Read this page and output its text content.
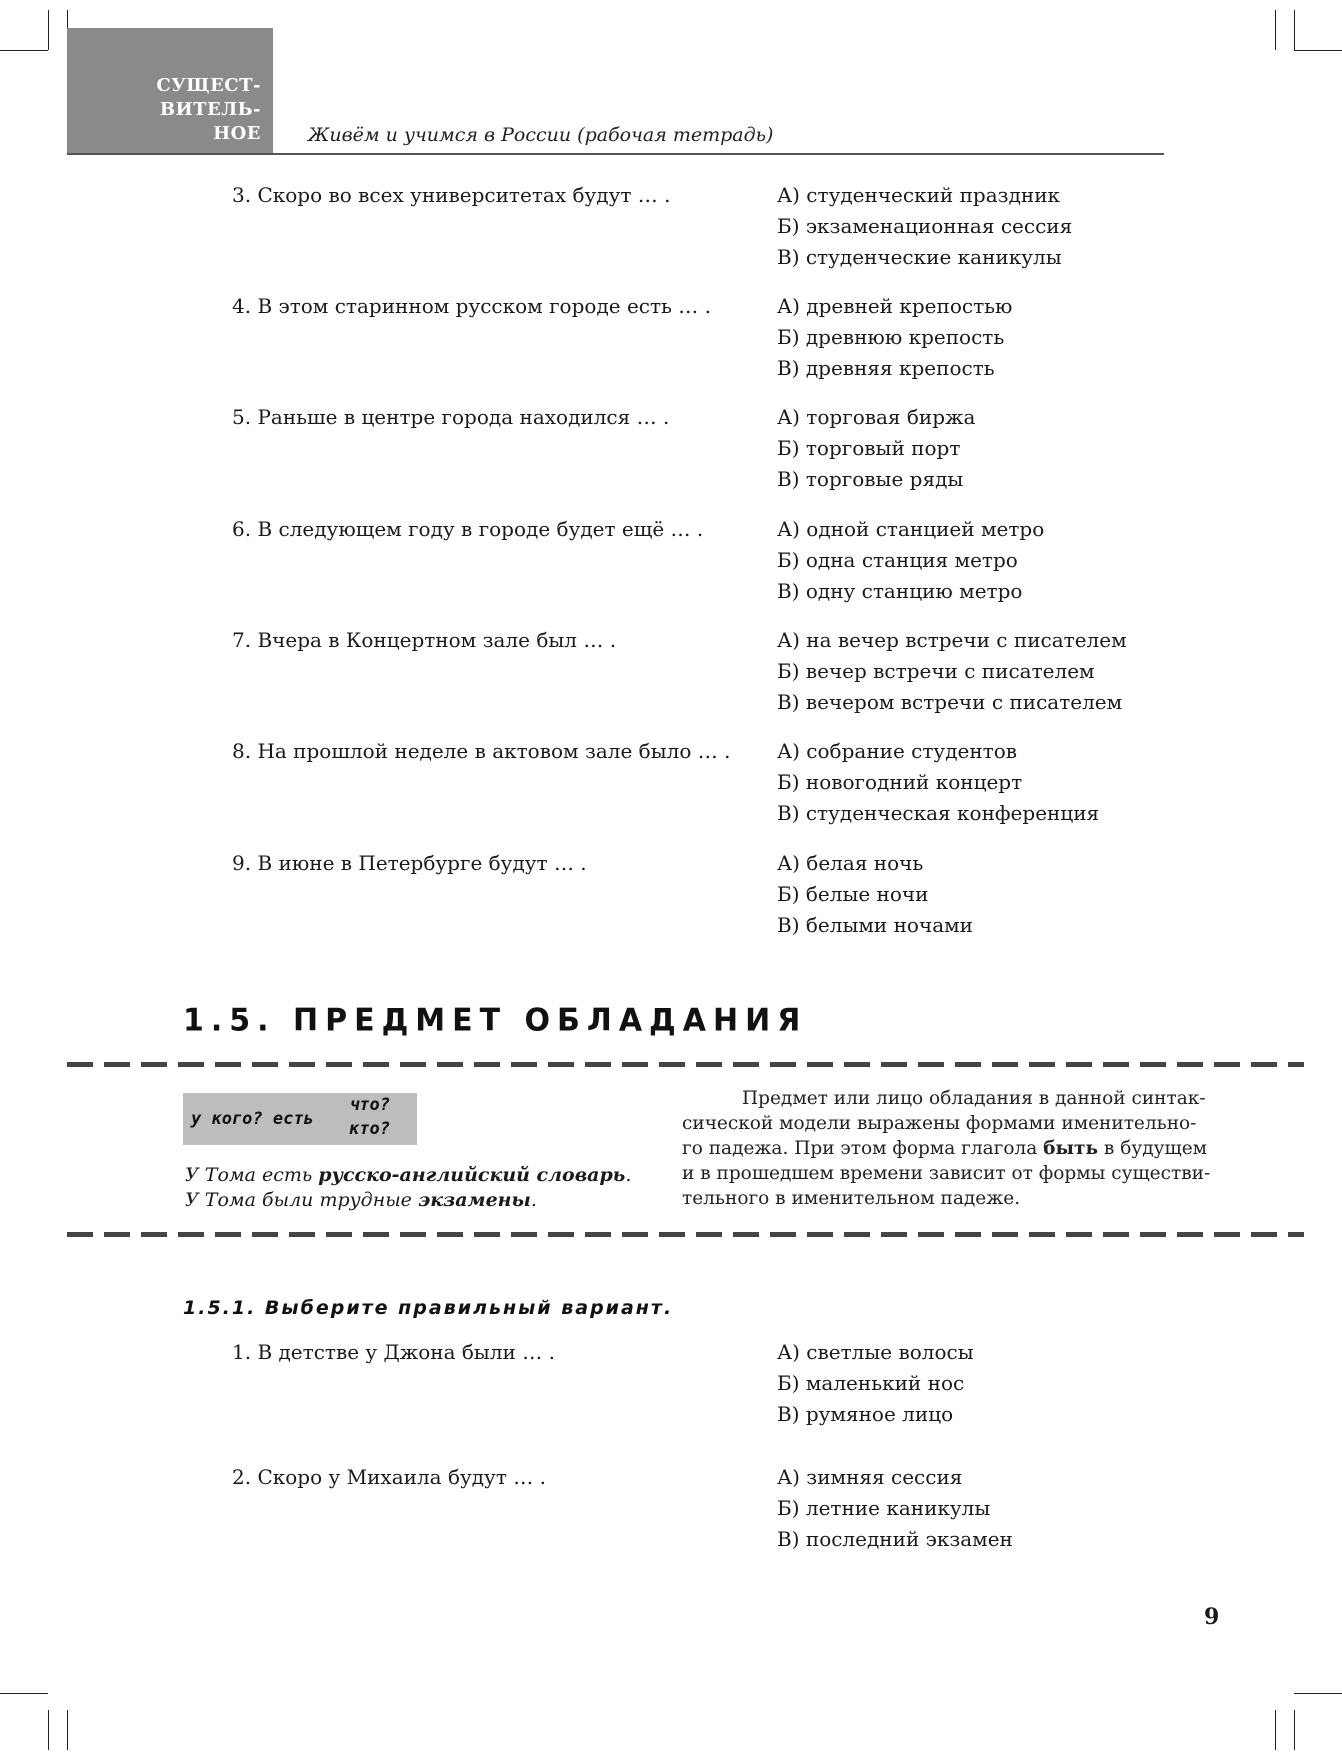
СУЩЕСТ-
ВИТЕЛЬ-
НОЕ Живём и учимся в России (рабочая тетрадь)
3. Скоро во всех университетах будут … .	А) студенческий праздник
Б) экзаменационная сессия
В) студенческие каникулы
4. В этом старинном русском городе есть … .	А) древней крепостью
Б) древнюю крепость
В) древняя крепость
5. Раньше в центре города находился … .	А) торговая биржа
Б) торговый порт
В) торговые ряды
6. В следующем году в городе будет ещё … .	А) одной станцией метро
Б) одна станция метро
В) одну станцию метро
7. Вчера в Концертном зале был … .	А) на вечер встречи с писателем
Б) вечер встречи с писателем
В) вечером встречи с писателем
8. На прошлой неделе в актовом зале было … . А) собрание студентов
Б) новогодний концерт
В) студенческая конференция
9. В июне в Петербурге будут … .	А) белая ночь
Б) белые ночи
В) белыми ночами
1.5. ПРЕДМЕТ ОБЛАДАНИЯ
у кого? есть
что?
кто?
У Тома есть русско-английский словарь.
У Тома были трудные экзамены.
Предмет или лицо обладания в данной синтак-
сической модели выражены формами именительно-
го падежа. При этом форма глагола быть в будущем
и в прошедшем времени зависит от формы существи-
тельного в именительном падеже.
1.5.1. Выберите правильный вариант.
1. В детстве у Джона были … .	А) светлые волосы
Б) маленький нос
В) румяное лицо
2. Скоро у Михаила будут … .	А) зимняя сессия
Б) летние каникулы
В) последний экзамен
9
